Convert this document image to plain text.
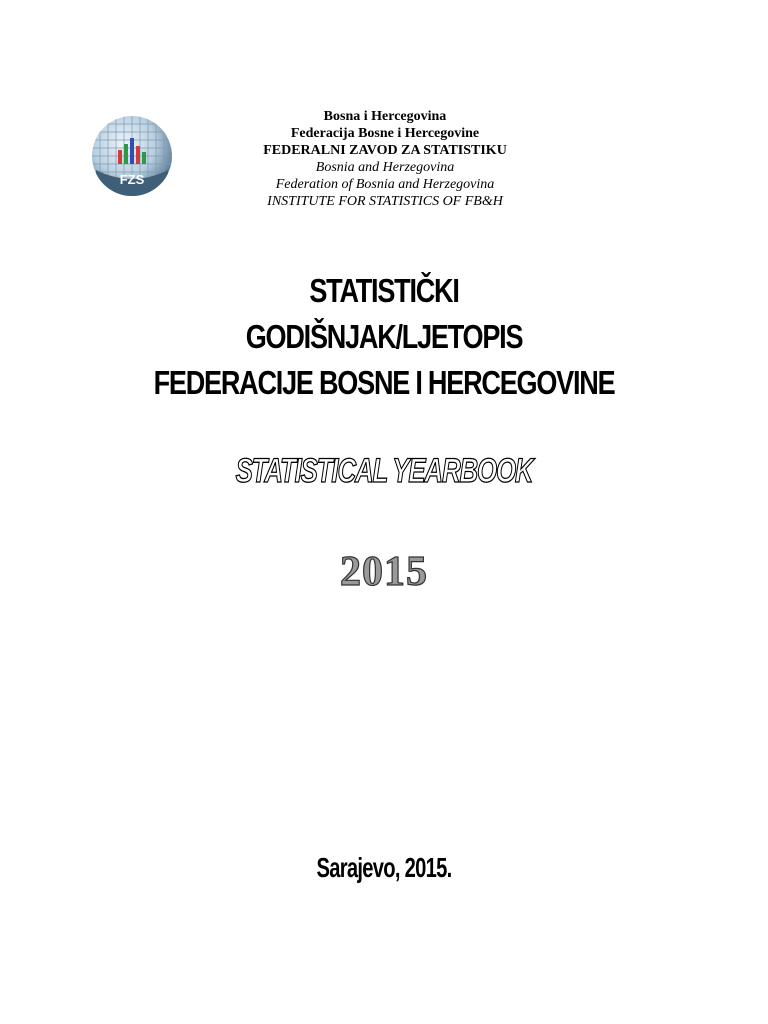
FZS
Bosna i Hercegovina
Federacija Bosne i Hercegovine
FEDERALNI ZAVOD ZA STATISTIKU
Bosnia and Herzegovina
Federation of Bosnia and Herzegovina
INSTITUTE FOR STATISTICS OF FB&H
STATISTIČKI
GODIŠNJAK/LJETOPIS
FEDERACIJE BOSNE I HERCEGOVINE
STATISTICAL YEARBOOK
2015
Sarajevo, 2015.
